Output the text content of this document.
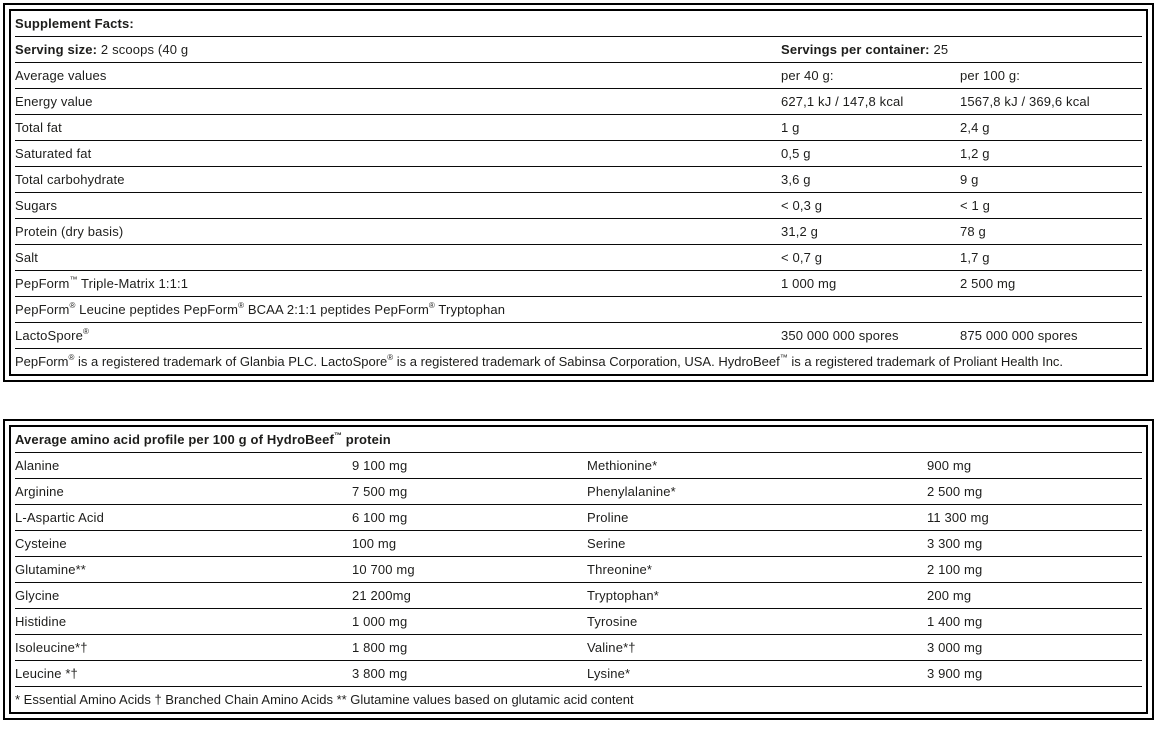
Supplement Facts:		
Serving size: 2 scoops (40 g	Servings per container: 25	
Average values	per 40 g:	per 100 g:
Energy value	627,1 kJ / 147,8 kcal	1567,8 kJ / 369,6 kcal
Total fat	1 g	2,4 g
Saturated fat	0,5 g	1,2 g
Total carbohydrate	3,6 g	9 g
Sugars	< 0,3 g	< 1 g
Protein (dry basis)	31,2 g	78 g
Salt	< 0,7 g	1,7 g
PepForm™ Triple-Matrix 1:1:1	1 000 mg	2 500 mg
PepForm® Leucine peptides PepForm® BCAA 2:1:1 peptides PepForm® Tryptophan		
LactoSpore®	350 000 000 spores	875 000 000 spores
PepForm® is a registered trademark of Glanbia PLC. LactoSpore® is a registered trademark of Sabinsa Corporation, USA. HydroBeef™ is a registered trademark of Proliant Health Inc.		
Average amino acid profile per 100 g of HydroBeef™ protein			
Alanine	9 100 mg	Methionine*	900 mg
Arginine	7 500 mg	Phenylalanine*	2 500 mg
L-Aspartic Acid	6 100 mg	Proline	11 300 mg
Cysteine	100 mg	Serine	3 300 mg
Glutamine**	10 700 mg	Threonine*	2 100 mg
Glycine	21 200mg	Tryptophan*	200 mg
Histidine	1 000 mg	Tyrosine	1 400 mg
Isoleucine*†	1 800 mg	Valine*†	3 000 mg
Leucine *†	3 800 mg	Lysine*	3 900 mg
* Essential Amino Acids † Branched Chain Amino Acids ** Glutamine values based on glutamic acid content			
